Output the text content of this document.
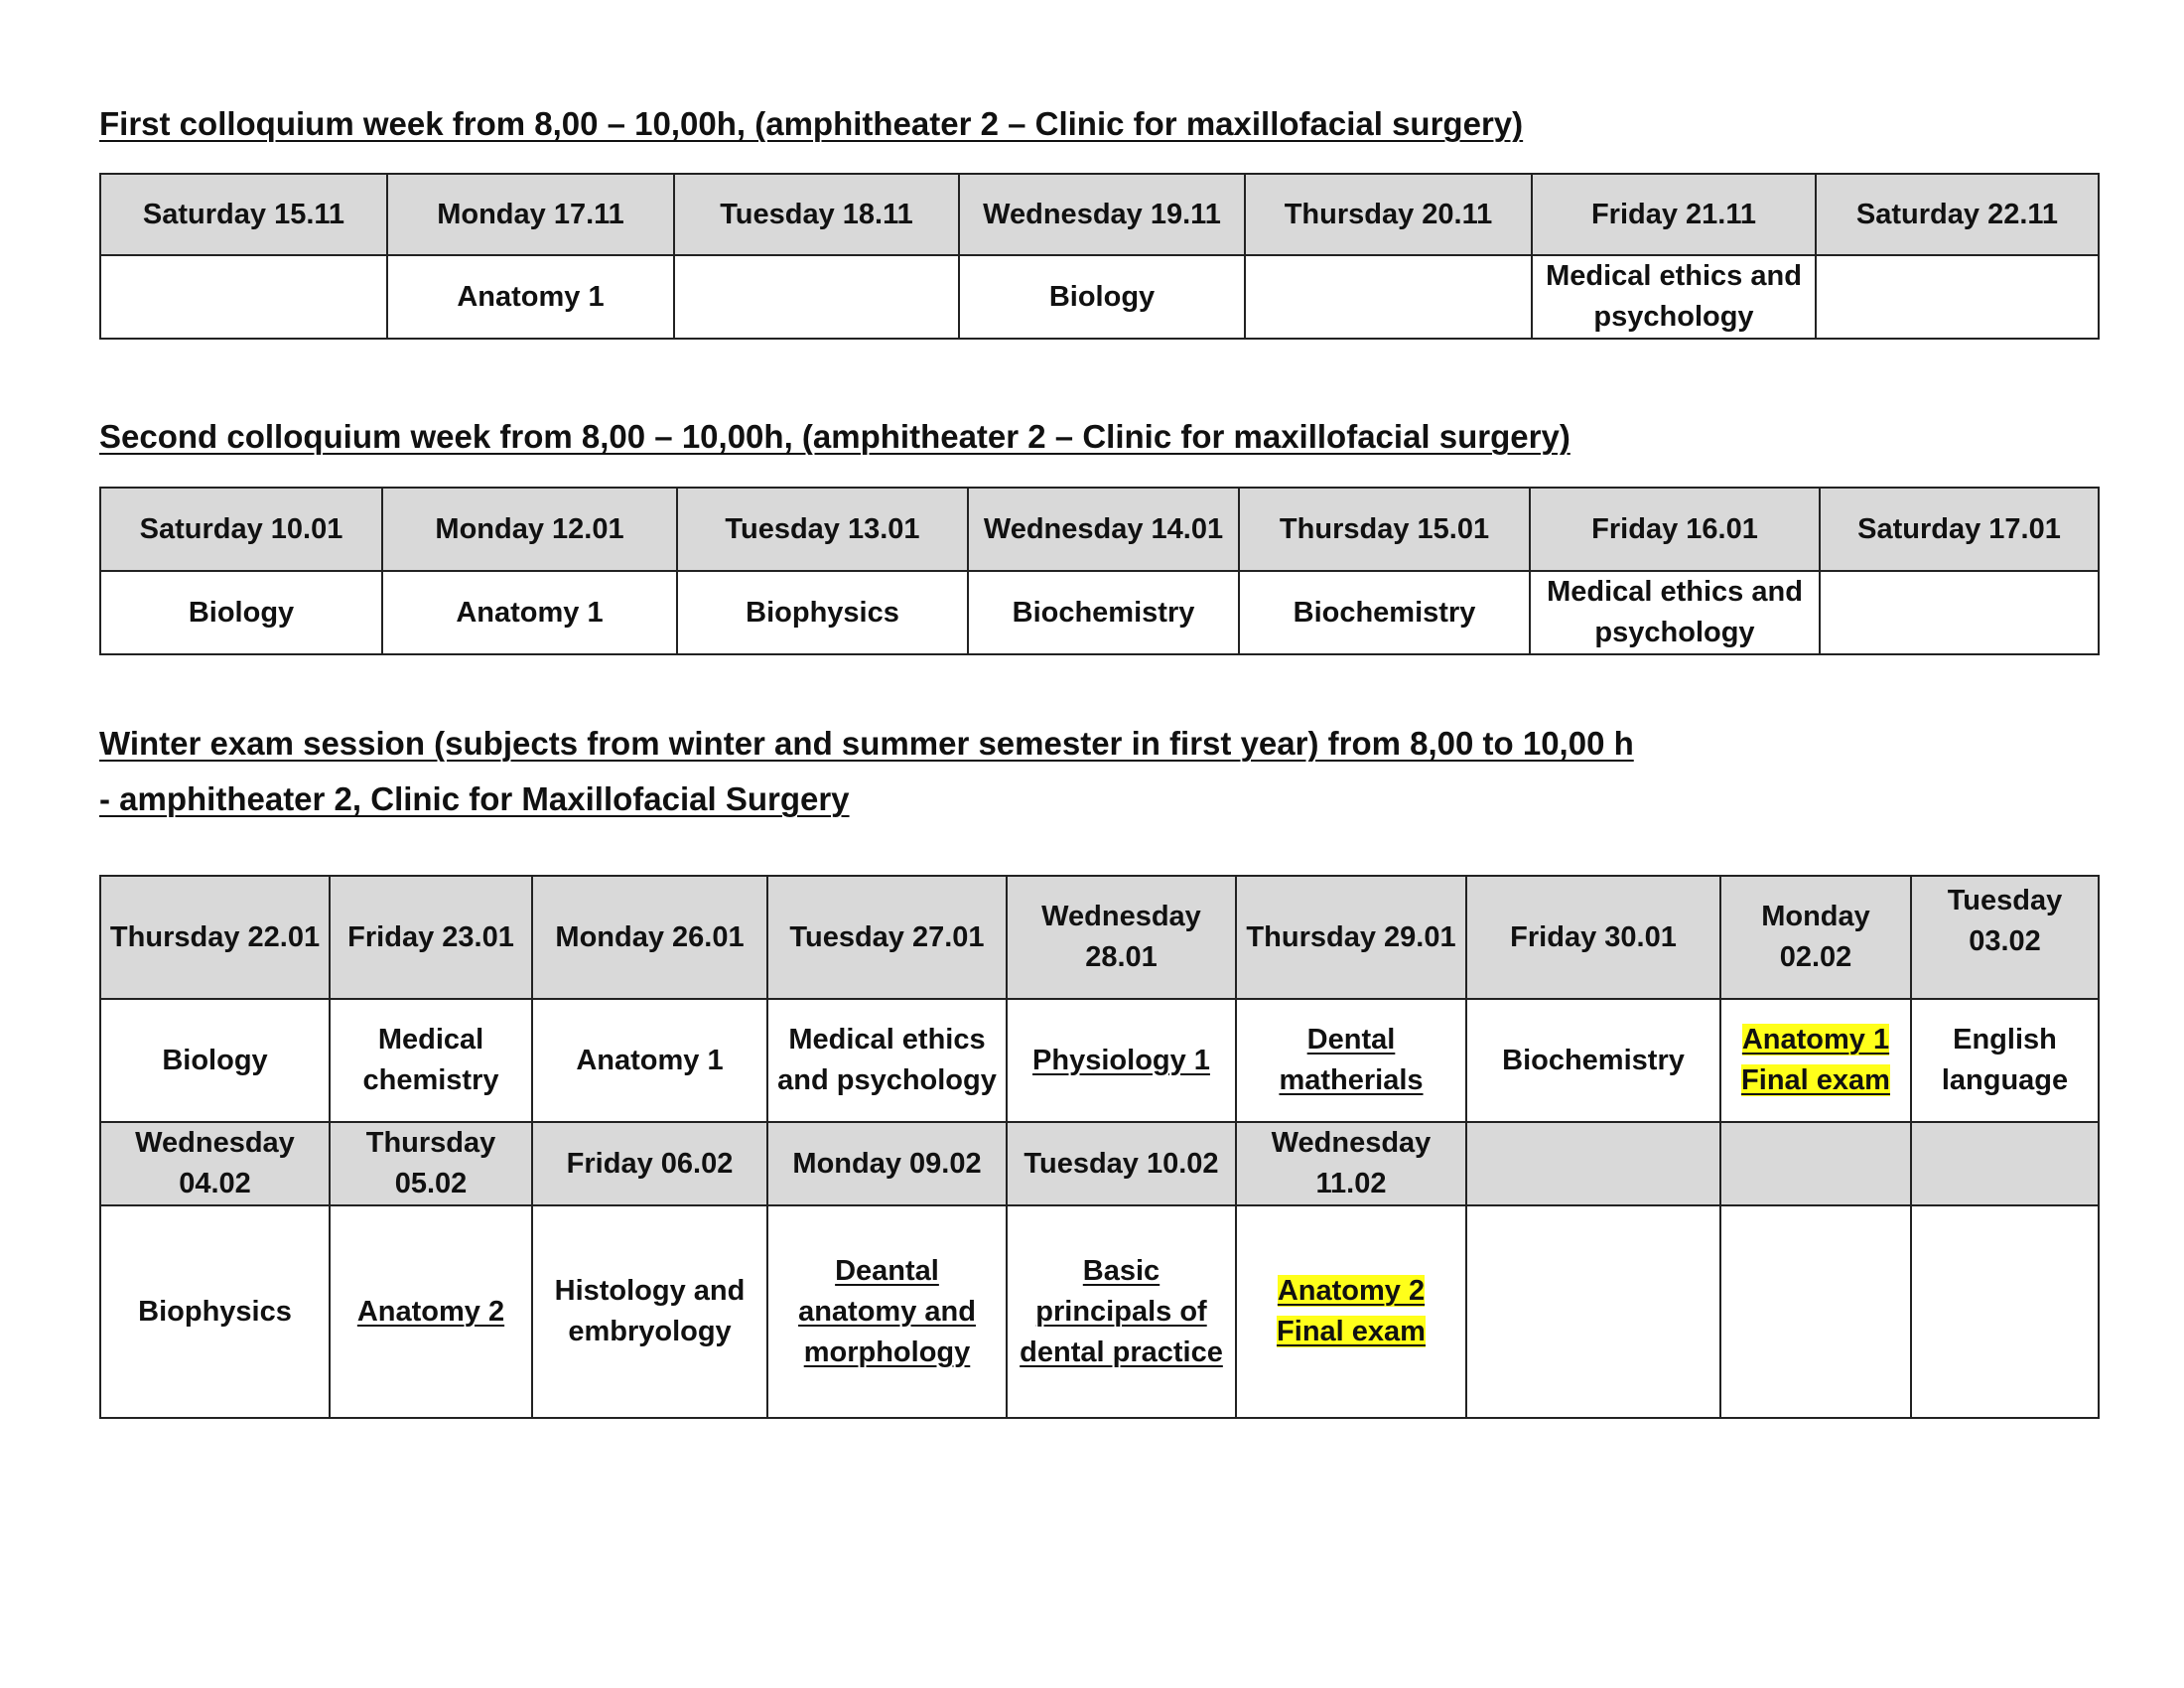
First colloquium week from 8,00 – 10,00h, (amphitheater 2 – Clinic for maxillofacial surgery)
Saturday 15.11	Monday 17.11	Tuesday 18.11	Wednesday 19.11	Thursday 20.11	Friday 21.11	Saturday 22.11
	Anatomy 1		Biology		Medical ethics and psychology	
Second colloquium week from 8,00 – 10,00h, (amphitheater 2 – Clinic for maxillofacial surgery)
Saturday 10.01	Monday 12.01	Tuesday 13.01	Wednesday 14.01	Thursday 15.01	Friday 16.01	Saturday 17.01
Biology	Anatomy 1	Biophysics	Biochemistry	Biochemistry	Medical ethics and psychology	
Winter exam session (subjects from winter and summer semester in first year) from 8,00 to 10,00 h
- amphitheater 2, Clinic for Maxillofacial Surgery
Thursday 22.01	Friday 23.01	Monday 26.01	Tuesday 27.01	Wednesday 28.01	Thursday 29.01	Friday 30.01	Monday 02.02	Tuesday 03.02
Biology	Medical chemistry	Anatomy 1	Medical ethics and psychology	Physiology 1	Dental matherials	Biochemistry	Anatomy 1 Final exam	English language
Wednesday 04.02	Thursday 05.02	Friday 06.02	Monday 09.02	Tuesday 10.02	Wednesday 11.02			
Biophysics	Anatomy 2	Histology and embryology	Deantal anatomy and morphology	Basic principals of dental practice	Anatomy 2 Final exam			
